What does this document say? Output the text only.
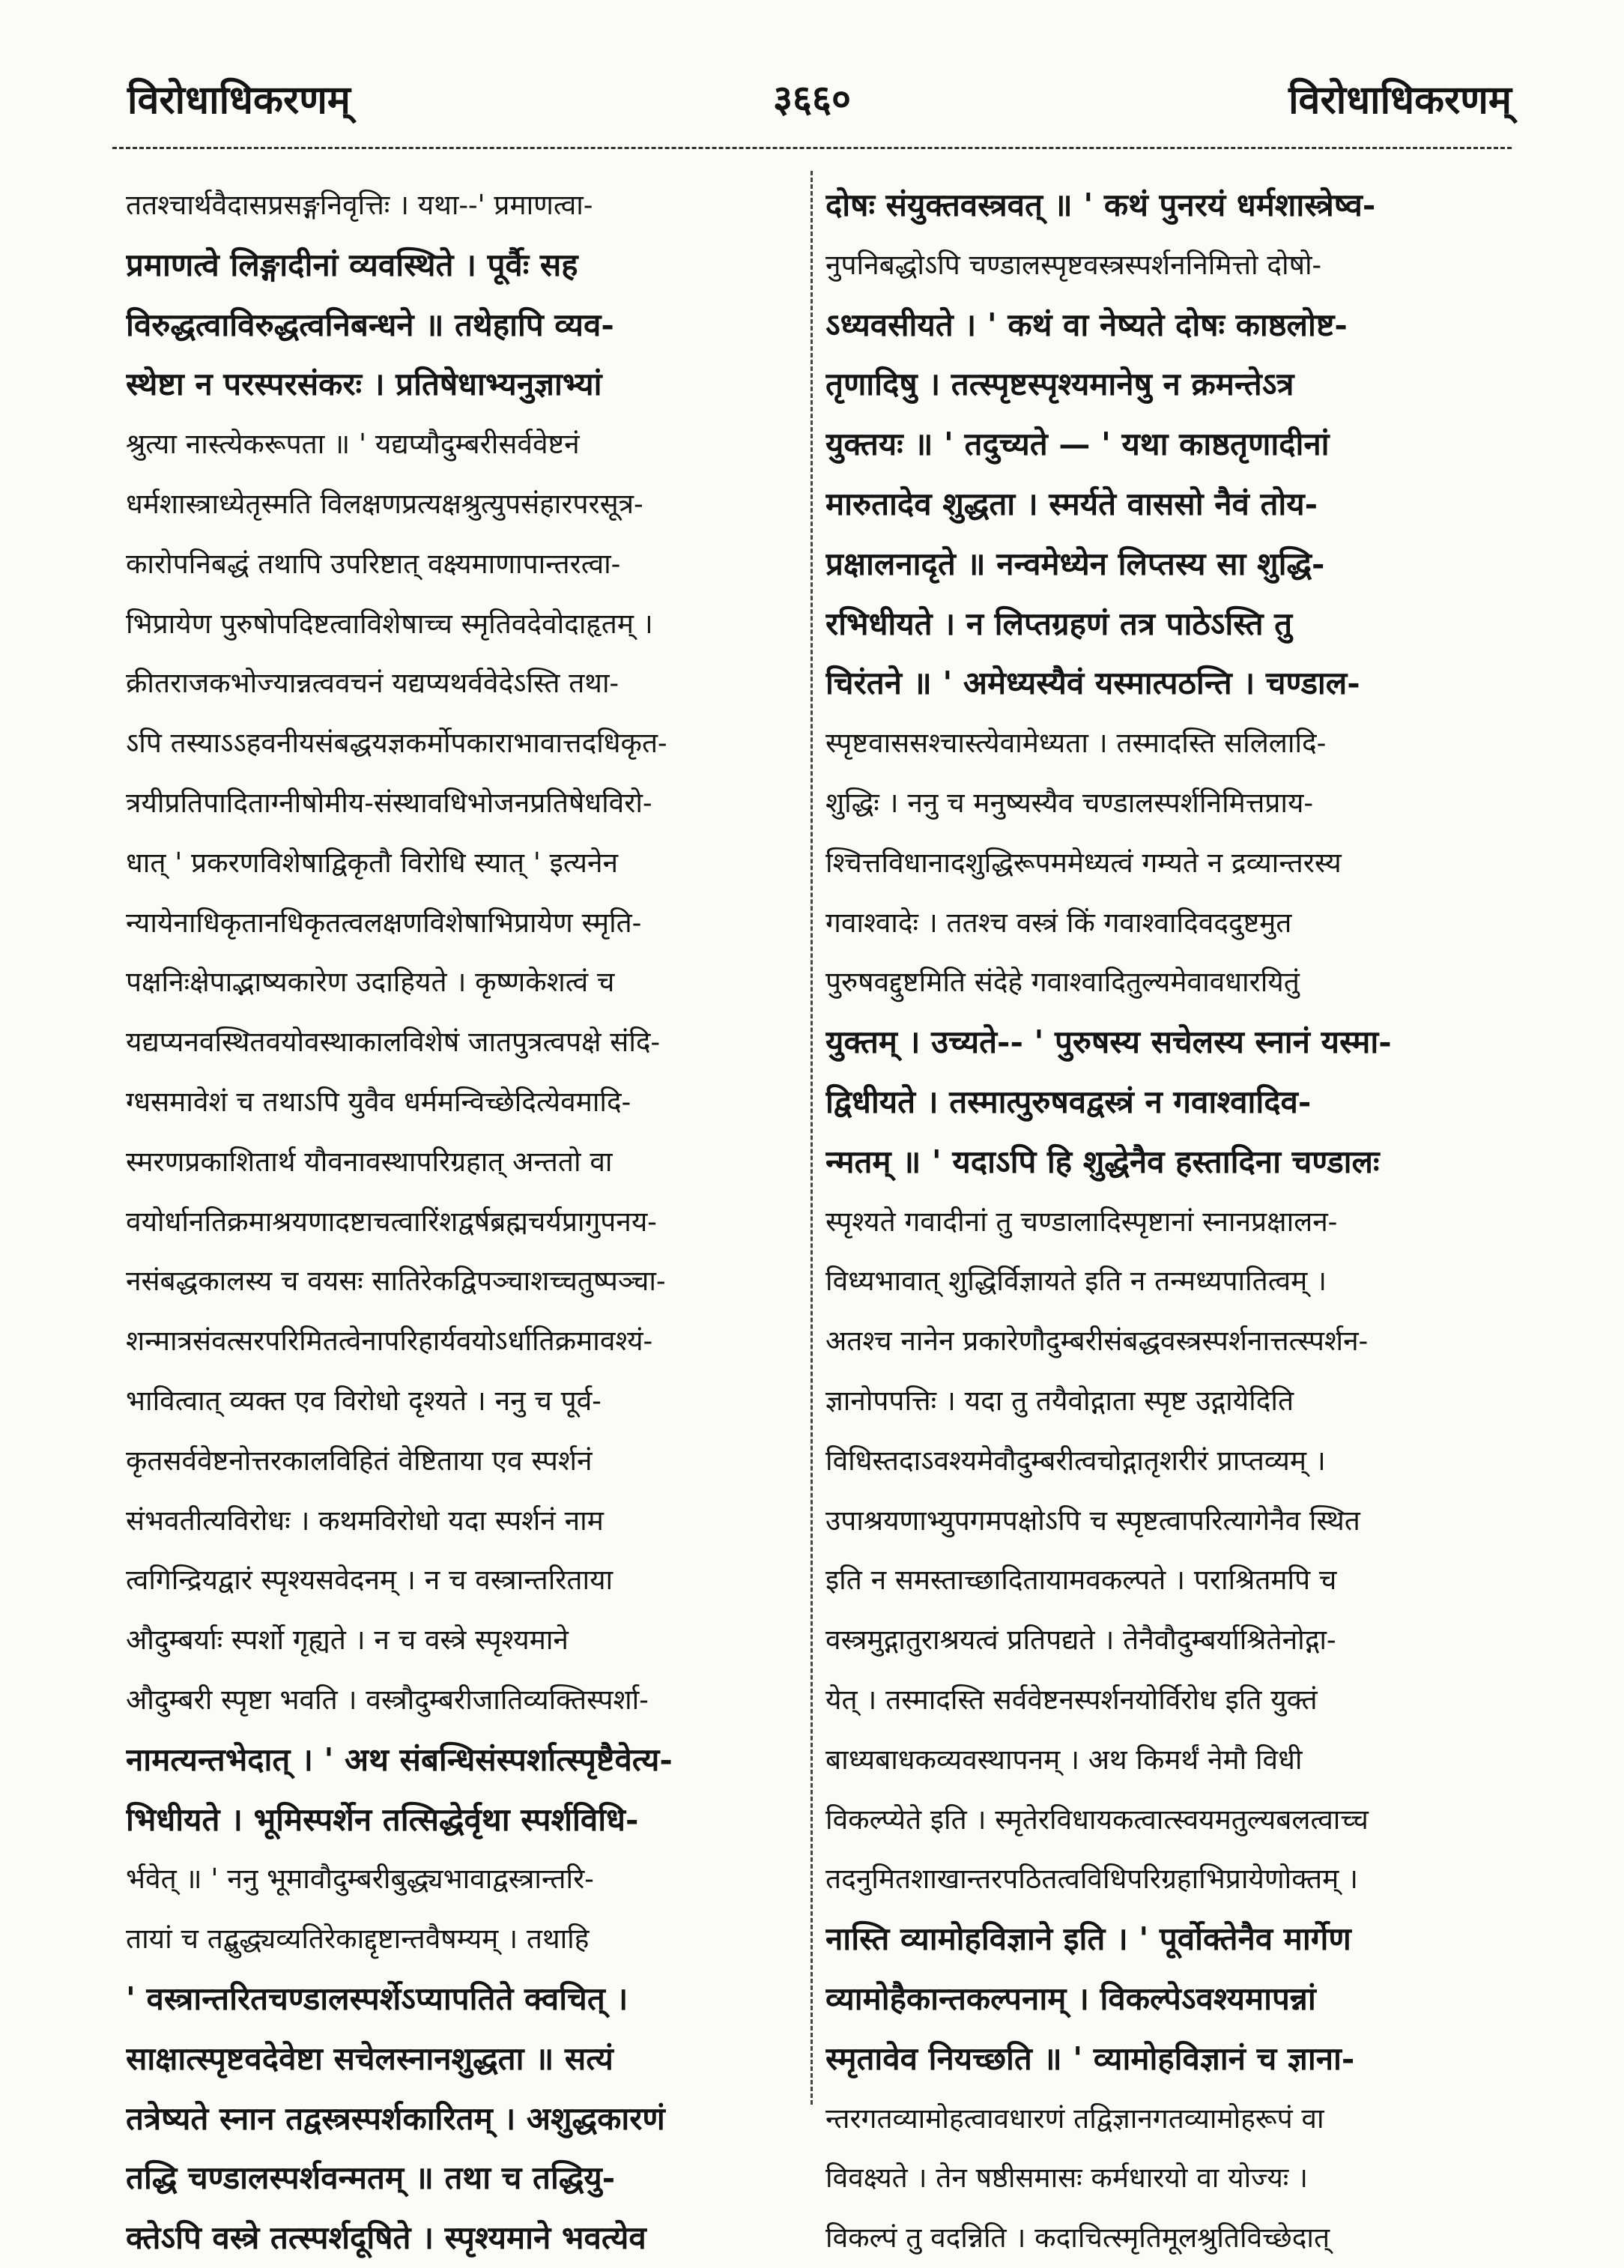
विरोधाधिकरणम्	३६६०	विरोधाधिकरणम्
ततश्चार्थवैदासप्रसङ्गनिवृत्तिः । यथा--' प्रमाणत्वा-
प्रमाणत्वे लिङ्गादीनां व्यवस्थिते । पूर्वैः सह
विरुद्धत्वाविरुद्धत्वनिबन्धने ॥ तथेहापि व्यव-
स्थेष्टा न परस्परसंकरः । प्रतिषेधाभ्यनुज्ञाभ्यां
श्रुत्या नास्त्येकरूपता ॥ ' यद्यप्यौदुम्बरीसर्ववेष्टनं
धर्मशास्त्राध्येतृस्मति विलक्षणप्रत्यक्षश्रुत्युपसंहारपरसूत्र-
कारोपनिबद्धं तथापि उपरिष्टात् वक्ष्यमाणापान्तरत्वा-
भिप्रायेण पुरुषोपदिष्टत्वाविशेषाच्च स्मृतिवदेवोदाहृतम् ।
क्रीतराजकभोज्यान्नत्ववचनं यद्यप्यथर्ववेदेऽस्ति तथा-
ऽपि तस्याऽऽहवनीयसंबद्धयज्ञकर्मोपकाराभावात्तदधिकृत-
त्रयीप्रतिपादिताग्नीषोमीय-संस्थावधिभोजनप्रतिषेधविरो-
धात् ' प्रकरणविशेषाद्विकृतौ विरोधि स्यात् ' इत्यनेन
न्यायेनाधिकृतानधिकृतत्वलक्षणविशेषाभिप्रायेण स्मृति-
पक्षनिःक्षेपाद्भाष्यकारेण उदाहियते । कृष्णकेशत्वं च
यद्यप्यनवस्थितवयोवस्थाकालविशेषं जातपुत्रत्वपक्षे संदि-
ग्धसमावेशं च तथाऽपि युवैव धर्ममन्विच्छेदित्येवमादि-
स्मरणप्रकाशितार्थ यौवनावस्थापरिग्रहात् अन्ततो वा
वयोर्धानतिक्रमाश्रयणादष्टाचत्वारिंशद्वर्षब्रह्मचर्यप्रागुपनय-
नसंबद्धकालस्य च वयसः सातिरेकद्विपञ्चाशच्चतुष्पञ्चा-
शन्मात्रसंवत्सरपरिमितत्वेनापरिहार्यवयोऽर्धातिक्रमावश्यं-
भावित्वात् व्यक्त एव विरोधो दृश्यते । ननु च पूर्व-
कृतसर्ववेष्टनोत्तरकालविहितं वेष्टिताया एव स्पर्शनं
संभवतीत्यविरोधः । कथमविरोधो यदा स्पर्शनं नाम
त्वगिन्द्रियद्वारं स्पृश्यसवेदनम् । न च वस्त्रान्तरिताया
औदुम्बर्याः स्पर्शो गृह्यते । न च वस्त्रे स्पृश्यमाने
औदुम्बरी स्पृष्टा भवति । वस्त्रौदुम्बरीजातिव्यक्तिस्पर्शा-
नामत्यन्तभेदात् । ' अथ संबन्धिसंस्पर्शात्स्पृष्टैवेत्य-
भिधीयते । भूमिस्पर्शेन तत्सिद्धेर्वृथा स्पर्शविधि-
र्भवेत् ॥ ' ननु भूमावौदुम्बरीबुद्ध्यभावाद्वस्त्रान्तरि-
तायां च तद्बुद्ध्यव्यतिरेकाद्दृष्टान्तवैषम्यम् । तथाहि
' वस्त्रान्तरितचण्डालस्पर्शेऽप्यापतिते क्वचित् ।
साक्षात्स्पृष्टवदेवेष्टा सचेलस्नानशुद्धता ॥ सत्यं
तत्रेष्यते स्नान तद्वस्त्रस्पर्शकारितम् । अशुद्धकारणं
तद्धि चण्डालस्पर्शवन्मतम् ॥ तथा च तद्धियु-
क्तेऽपि वस्त्रे तत्स्पर्शदूषिते । स्पृश्यमाने भवत्येव
दोषः संयुक्तवस्त्रवत् ॥ ' कथं पुनरयं धर्मशास्त्रेष्व-
नुपनिबद्धोऽपि चण्डालस्पृष्टवस्त्रस्पर्शननिमित्तो दोषो-
ऽध्यवसीयते । ' कथं वा नेष्यते दोषः काष्ठलोष्ट-
तृणादिषु । तत्स्पृष्टस्पृश्यमानेषु न क्रमन्तेऽत्र
युक्तयः ॥ ' तदुच्यते — ' यथा काष्ठतृणादीनां
मारुतादेव शुद्धता । स्मर्यते वाससो नैवं तोय-
प्रक्षालनादृते ॥ नन्वमेध्येन लिप्तस्य सा शुद्धि-
रभिधीयते । न लिप्तग्रहणं तत्र पाठेऽस्ति तु
चिरंतने ॥ ' अमेध्यस्यैवं यस्मात्पठन्ति । चण्डाल-
स्पृष्टवाससश्चास्त्येवामेध्यता । तस्मादस्ति सलिलादि-
शुद्धिः । ननु च मनुष्यस्यैव चण्डालस्पर्शनिमित्तप्राय-
श्चित्तविधानादशुद्धिरूपममेध्यत्वं गम्यते न द्रव्यान्तरस्य
गवाश्वादेः । ततश्च वस्त्रं किं गवाश्वादिवददुष्टमुत
पुरुषवद्दुष्टमिति संदेहे गवाश्वादितुल्यमेवावधारयितुं
युक्तम् । उच्यते-- ' पुरुषस्य सचेलस्य स्नानं यस्मा-
द्विधीयते । तस्मात्पुरुषवद्वस्त्रं न गवाश्वादिव-
न्मतम् ॥ ' यदाऽपि हि शुद्धेनैव हस्तादिना चण्डालः
स्पृश्यते गवादीनां तु चण्डालादिस्पृष्टानां स्नानप्रक्षालन-
विध्यभावात् शुद्धिर्विज्ञायते इति न तन्मध्यपातित्वम् ।
अतश्च नानेन प्रकारेणौदुम्बरीसंबद्धवस्त्रस्पर्शनात्तत्स्पर्शन-
ज्ञानोपपत्तिः । यदा तु तयैवोद्गाता स्पृष्ट उद्गायेदिति
विधिस्तदाऽवश्यमेवौदुम्बरीत्वचोद्गातृशरीरं प्राप्तव्यम् ।
उपाश्रयणाभ्युपगमपक्षोऽपि च स्पृष्टत्वापरित्यागेनैव स्थित
इति न समस्ताच्छादितायामवकल्पते । पराश्रितमपि च
वस्त्रमुद्गातुराश्रयत्वं प्रतिपद्यते । तेनैवौदुम्बर्याश्रितेनोद्गा-
येत् । तस्मादस्ति सर्ववेष्टनस्पर्शनयोर्विरोध इति युक्तं
बाध्यबाधकव्यवस्थापनम् । अथ किमर्थं नेमौ विधी
विकल्प्येते इति । स्मृतेरविधायकत्वात्स्वयमतुल्यबलत्वाच्च
तदनुमितशाखान्तरपठितत्वविधिपरिग्रहाभिप्रायेणोक्तम् ।
नास्ति व्यामोहविज्ञाने इति । ' पूर्वोक्तेनैव मार्गेण
व्यामोहैकान्तकल्पनाम् । विकल्पेऽवश्यमापन्नां
स्मृतावेव नियच्छति ॥ ' व्यामोहविज्ञानं च ज्ञाना-
न्तरगतव्यामोहत्वावधारणं तद्विज्ञानगतव्यामोहरूपं वा
विवक्ष्यते । तेन षष्ठीसमासः कर्मधारयो वा योज्यः ।
विकल्पं तु वदन्निति । कदाचित्स्मृतिमूलश्रुतिविच्छेदात्
